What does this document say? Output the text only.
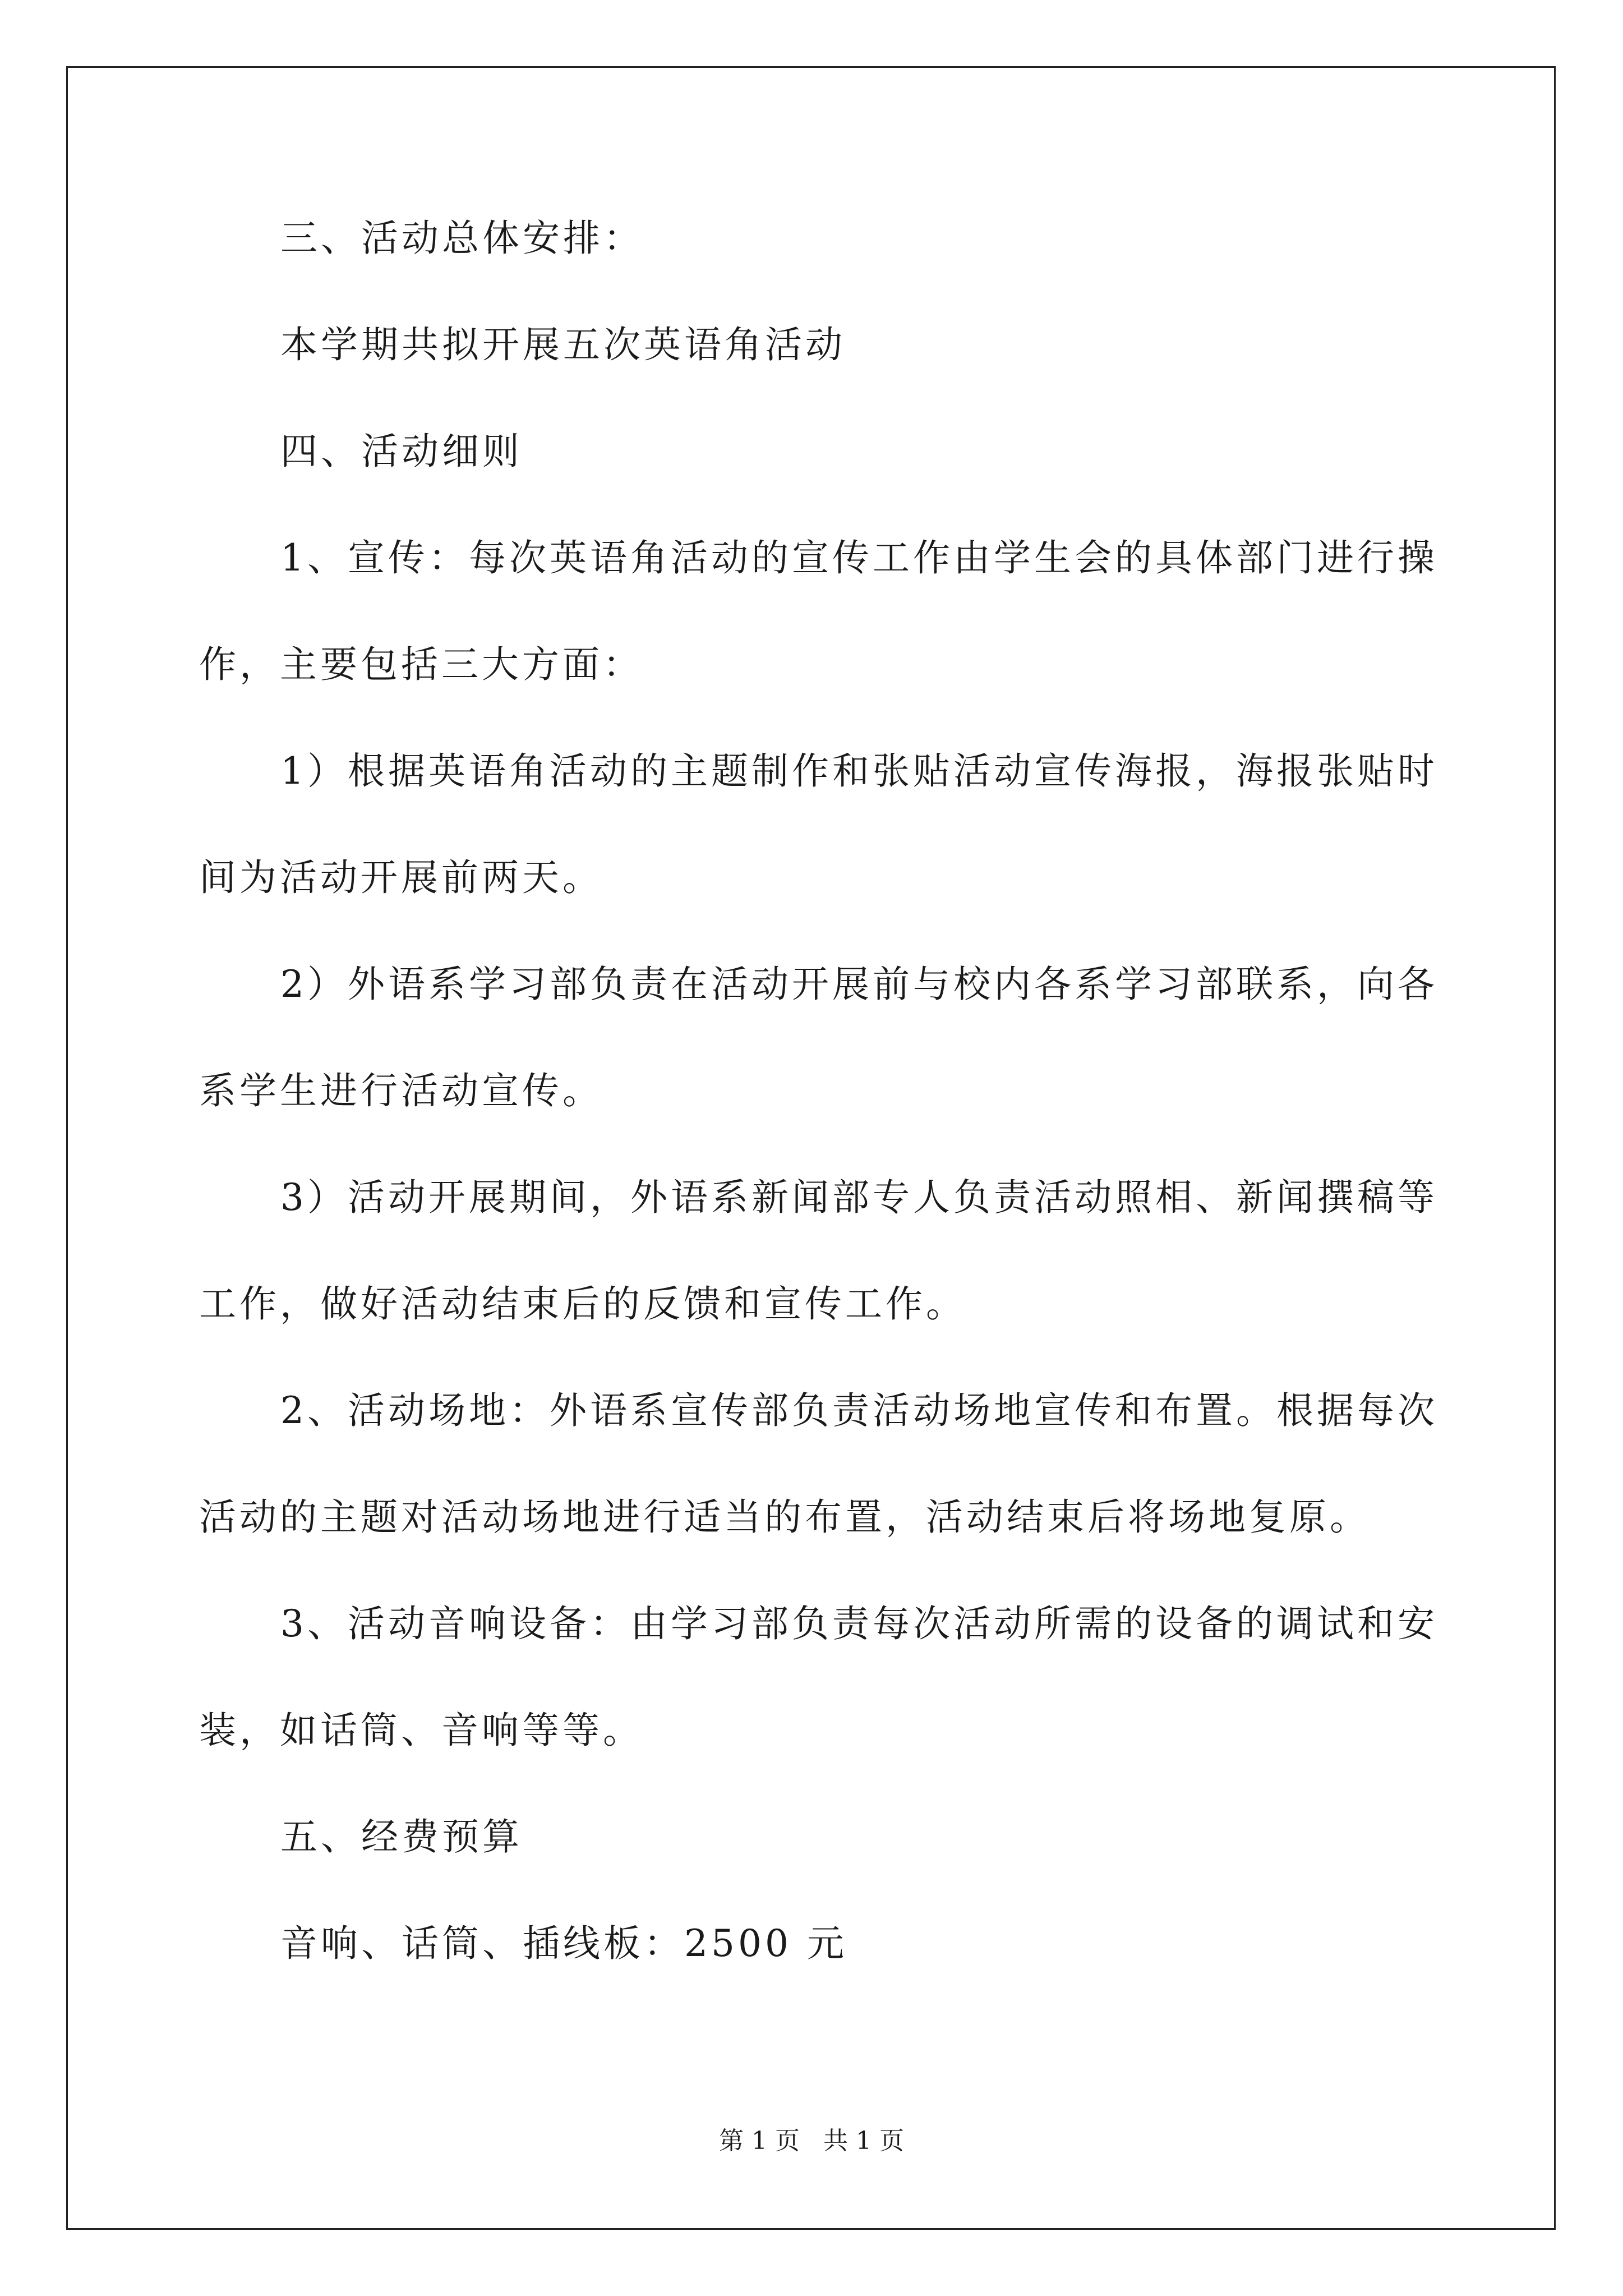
三、活动总体安排：

本学期共拟开展五次英语角活动

四、活动细则

1、宣传：每次英语角活动的宣传工作由学生会的具体部门进行操

作，主要包括三大方面：

1）根据英语角活动的主题制作和张贴活动宣传海报，海报张贴时

间为活动开展前两天。

2）外语系学习部负责在活动开展前与校内各系学习部联系，向各

系学生进行活动宣传。

3）活动开展期间，外语系新闻部专人负责活动照相、新闻撰稿等

工作，做好活动结束后的反馈和宣传工作。

2、活动场地：外语系宣传部负责活动场地宣传和布置。根据每次

活动的主题对活动场地进行适当的布置，活动结束后将场地复原。

3、活动音响设备：由学习部负责每次活动所需的设备的调试和安

装，如话筒、音响等等。

五、经费预算

音响、话筒、插线板：2500 元

第 1 页   共 1 页
